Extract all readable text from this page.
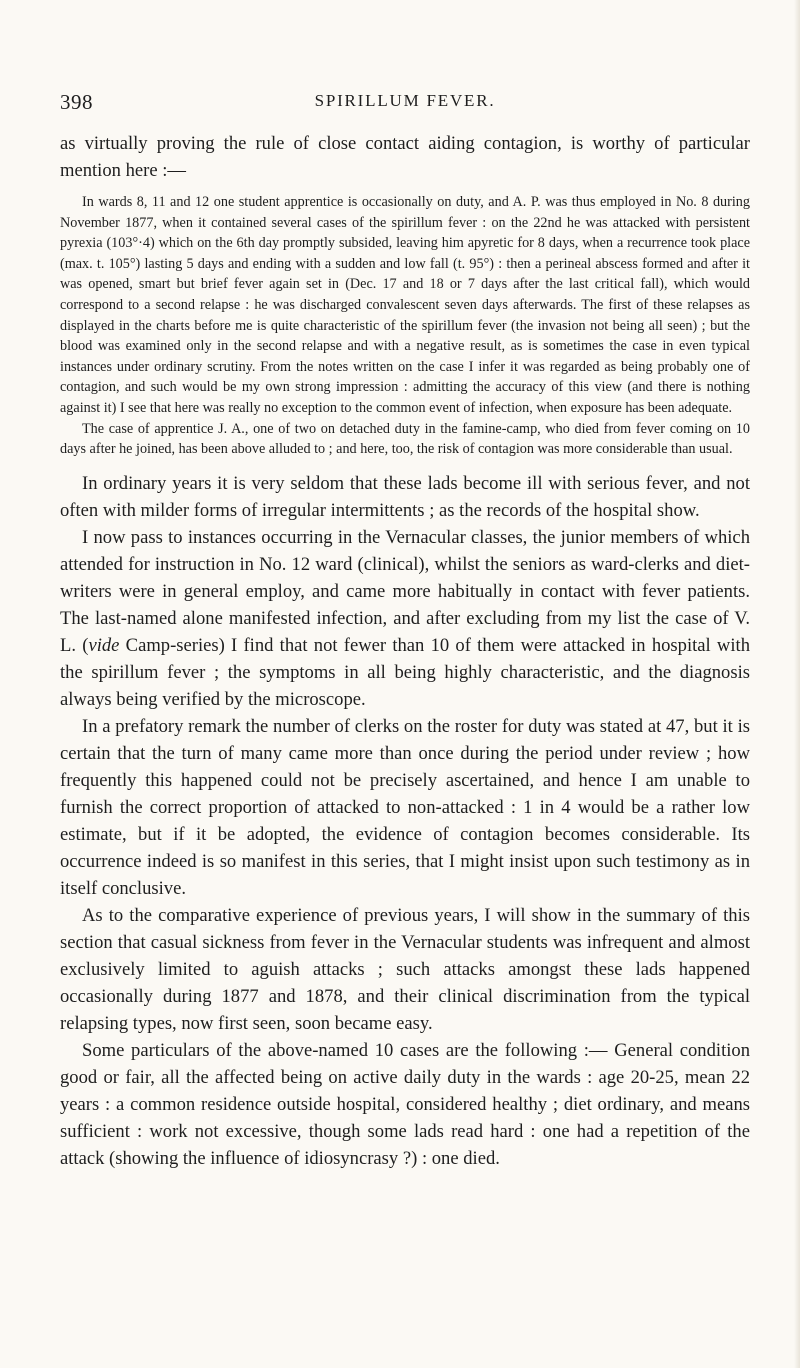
398	SPIRILLUM FEVER.

as virtually proving the rule of close contact aiding contagion, is worthy of particular mention here :—

In wards 8, 11 and 12 one student apprentice is occasionally on duty, and A. P. was thus employed in No. 8 during November 1877, when it contained several cases of the spirillum fever : on the 22nd he was attacked with persistent pyrexia (103°·4) which on the 6th day promptly subsided, leaving him apyretic for 8 days, when a recurrence took place (max. t. 105°) lasting 5 days and ending with a sudden and low fall (t. 95°) : then a perineal abscess formed and after it was opened, smart but brief fever again set in (Dec. 17 and 18 or 7 days after the last critical fall), which would correspond to a second relapse : he was discharged convalescent seven days afterwards. The first of these relapses as displayed in the charts before me is quite characteristic of the spirillum fever (the invasion not being all seen) ; but the blood was examined only in the second relapse and with a negative result, as is sometimes the case in even typical instances under ordinary scrutiny. From the notes written on the case I infer it was regarded as being probably one of contagion, and such would be my own strong impression : admitting the accuracy of this view (and there is nothing against it) I see that here was really no exception to the common event of infection, when exposure has been adequate.

The case of apprentice J. A., one of two on detached duty in the famine-camp, who died from fever coming on 10 days after he joined, has been above alluded to ; and here, too, the risk of contagion was more considerable than usual.

In ordinary years it is very seldom that these lads become ill with serious fever, and not often with milder forms of irregular intermittents ; as the records of the hospital show.

I now pass to instances occurring in the Vernacular classes, the junior members of which attended for instruction in No. 12 ward (clinical), whilst the seniors as ward-clerks and diet-writers were in general employ, and came more habitually in contact with fever patients. The last-named alone manifested infection, and after excluding from my list the case of V. L. (vide Camp-series) I find that not fewer than 10 of them were attacked in hospital with the spirillum fever ; the symptoms in all being highly characteristic, and the diagnosis always being verified by the microscope.

In a prefatory remark the number of clerks on the roster for duty was stated at 47, but it is certain that the turn of many came more than once during the period under review ; how frequently this happened could not be precisely ascertained, and hence I am unable to furnish the correct proportion of attacked to non-attacked : 1 in 4 would be a rather low estimate, but if it be adopted, the evidence of contagion becomes considerable. Its occurrence indeed is so manifest in this series, that I might insist upon such testimony as in itself conclusive.

As to the comparative experience of previous years, I will show in the summary of this section that casual sickness from fever in the Vernacular students was infrequent and almost exclusively limited to aguish attacks ; such attacks amongst these lads happened occasionally during 1877 and 1878, and their clinical discrimination from the typical relapsing types, now first seen, soon became easy.

Some particulars of the above-named 10 cases are the following :— General condition good or fair, all the affected being on active daily duty in the wards : age 20-25, mean 22 years : a common residence outside hospital, considered healthy ; diet ordinary, and means sufficient : work not excessive, though some lads read hard : one had a repetition of the attack (showing the influence of idiosyncrasy ?) : one died.
